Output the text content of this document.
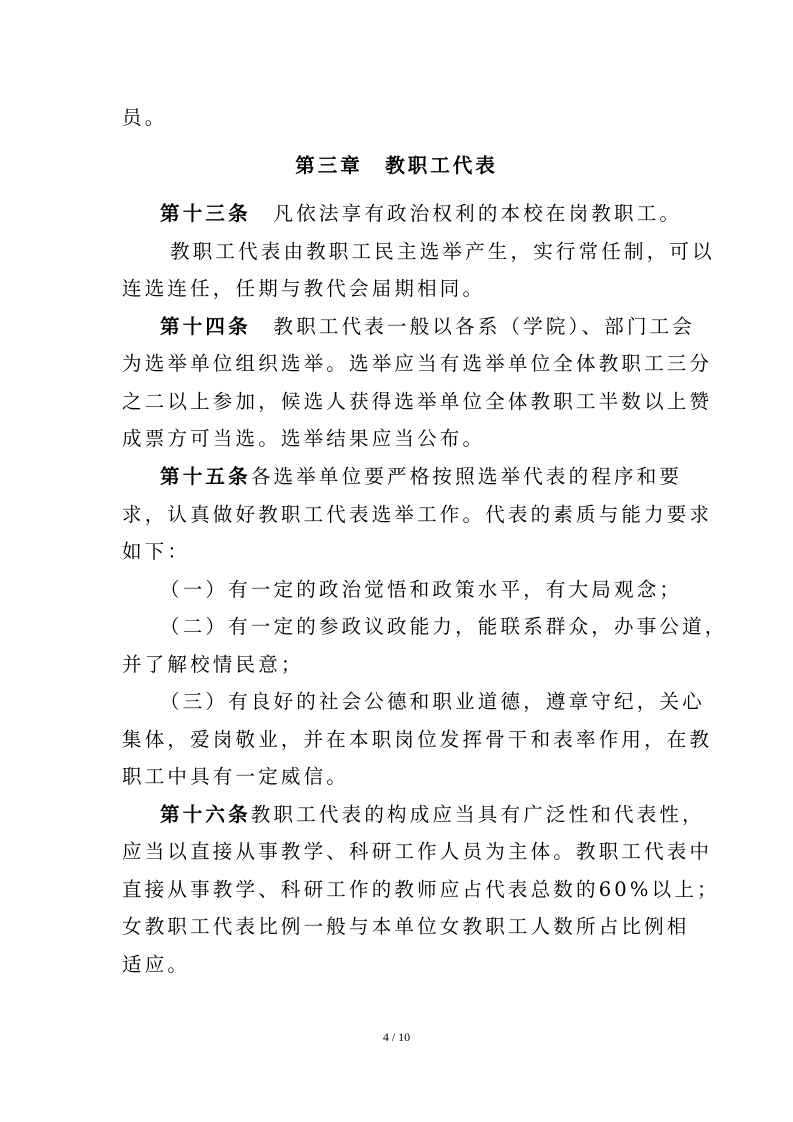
员。
第三章　教职工代表
第十三条　凡依法享有政治权利的本校在岗教职工。
教职工代表由教职工民主选举产生，实行常任制，可以
连选连任，任期与教代会届期相同。
第十四条　教职工代表一般以各系（学院）、部门工会
为选举单位组织选举。选举应当有选举单位全体教职工三分
之二以上参加，候选人获得选举单位全体教职工半数以上赞
成票方可当选。选举结果应当公布。
第十五条各选举单位要严格按照选举代表的程序和要
求，认真做好教职工代表选举工作。代表的素质与能力要求
如下：
（一）有一定的政治觉悟和政策水平，有大局观念；
（二）有一定的参政议政能力，能联系群众，办事公道，
并了解校情民意；
（三）有良好的社会公德和职业道德，遵章守纪，关心
集体，爱岗敬业，并在本职岗位发挥骨干和表率作用，在教
职工中具有一定威信。
第十六条教职工代表的构成应当具有广泛性和代表性，
应当以直接从事教学、科研工作人员为主体。教职工代表中
直接从事教学、科研工作的教师应占代表总数的60%以上；
女教职工代表比例一般与本单位女教职工人数所占比例相
适应。
4 / 10
